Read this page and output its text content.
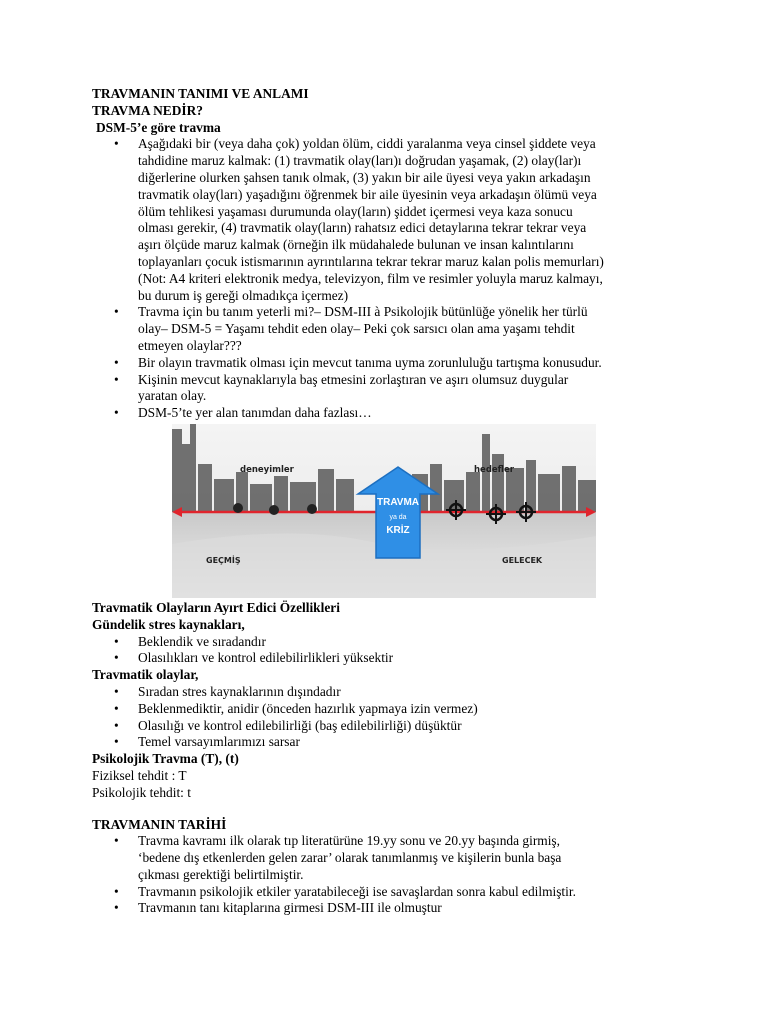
TRAVMANIN TANIMI VE ANLAMI

TRAVMA NEDİR?

DSM-5’e göre travma

• Aşağıdaki bir (veya daha çok) yoldan ölüm, ciddi yaralanma veya cinsel şiddete veya
tahdidine maruz kalmak: (1) travmatik olay(ları)ı doğrudan yaşamak, (2) olay(lar)ı
diğerlerine olurken şahsen tanık olmak, (3) yakın bir aile üyesi veya yakın arkadaşın
travmatik olay(ları) yaşadığını öğrenmek bir aile üyesinin veya arkadaşın ölümü veya
ölüm tehlikesi yaşaması durumunda olay(ların) şiddet içermesi veya kaza sonucu
olması gerekir, (4) travmatik olay(ların) rahatsız edici detaylarına tekrar tekrar veya
aşırı ölçüde maruz kalmak (örneğin ilk müdahalede bulunan ve insan kalıntılarını
toplayanları çocuk istismarının ayrıntılarına tekrar tekrar maruz kalan polis memurları)
(Not: A4 kriteri elektronik medya, televizyon, film ve resimler yoluyla maruz kalmayı,
bu durum iş gereği olmadıkça içermez)
• Travma için bu tanım yeterli mi?– DSM-III à Psikolojik bütünlüğe yönelik her türlü
olay– DSM-5 = Yaşamı tehdit eden olay– Peki çok sarsıcı olan ama yaşamı tehdit
etmeyen olaylar???
• Bir olayın travmatik olması için mevcut tanıma uyma zorunluluğu tartışma konusudur.
• Kişinin mevcut kaynaklarıyla baş etmesini zorlaştıran ve aşırı olumsuz duygular
yaratan olay.
• DSM-5’te yer alan tanımdan daha fazlası…
TRAVMA
ya da
KRİZ
deneyimler	hedefler
GEÇMİŞ	GELECEK

Travmatik Olayların Ayırt Edici Özellikleri

Gündelik stres kaynakları,

• Beklendik ve sıradandır
• Olasılıkları ve kontrol edilebilirlikleri yüksektir

Travmatik olaylar,

• Sıradan stres kaynaklarının dışındadır
• Beklenmediktir, anidir (önceden hazırlık yapmaya izin vermez)
• Olasılığı ve kontrol edilebilirliği (baş edilebilirliği) düşüktür
• Temel varsayımlarımızı sarsar

Psikolojik Travma (T), (t)

Fiziksel tehdit : T

Psikolojik tehdit: t

TRAVMANIN TARİHİ

• Travma kavramı ilk olarak tıp literatürüne 19.yy sonu ve 20.yy başında girmiş,
‘bedene dış etkenlerden gelen zarar’ olarak tanımlanmış ve kişilerin bunla başa
çıkması gerektiği belirtilmiştir.
• Travmanın psikolojik etkiler yaratabileceği ise savaşlardan sonra kabul edilmiştir.
• Travmanın tanı kitaplarına girmesi DSM-III ile olmuştur
